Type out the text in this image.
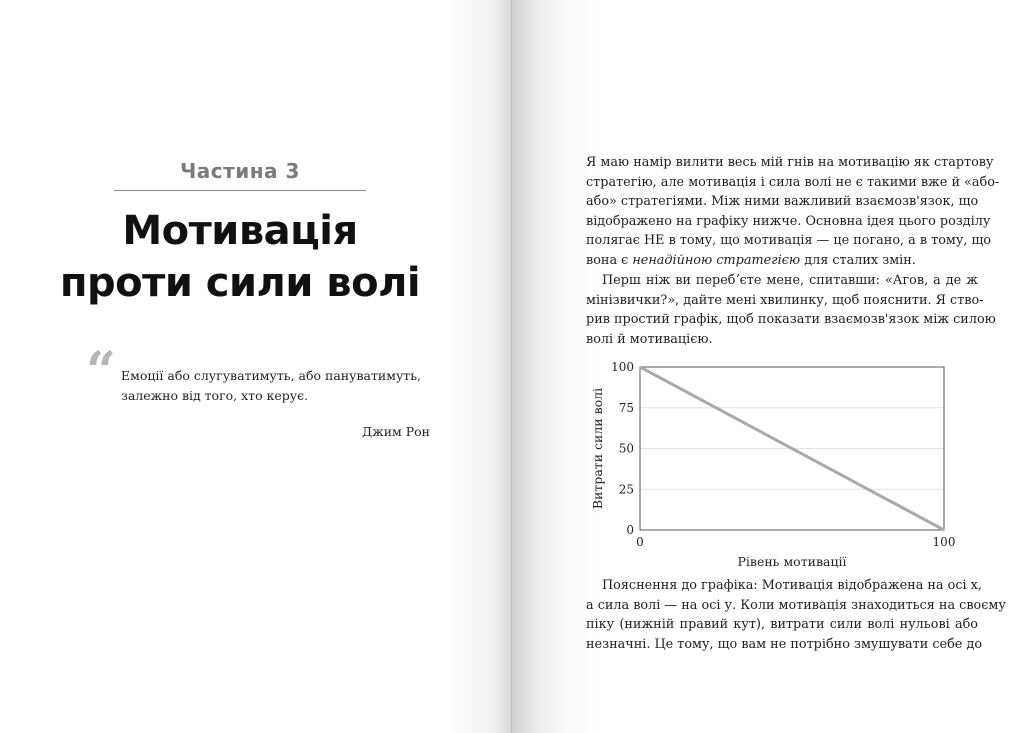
Частина 3
Мотивація
проти сили волі
“ Емоції або слугуватимуть, або пануватимуть,
залежно від того, хто керує.
Джим Рон
Я маю намір вилити весь мій гнів на мотивацію як стартову
стратегію, але мотивація і сила волі не є такими вже й «або-
або» стратегіями. Між ними важливий взаємозв'язок, що
відображено на графіку нижче. Основна ідея цього розділу
полягає НЕ в тому, що мотивація — це погано, а в тому, що
вона є ненадійною стратегією для сталих змін.
Перш ніж ви перебʼєте мене, спитавши: «Агов, а де ж
мінізвички?», дайте мені хвилинку, щоб пояснити. Я ство-
рив простий графік, щоб показати взаємозв'язок між силою
волі й мотивацією.
0
25
50
75
100
0	100
Рівень мотивації
Витрати сили волі
Пояснення до графіка: Мотивація відображена на осі х,
а сила волі — на осі у. Коли мотивація знаходиться на своєму
піку (нижній правий кут), витрати сили волі нульові або
незначні. Це тому, що вам не потрібно змушувати себе до
